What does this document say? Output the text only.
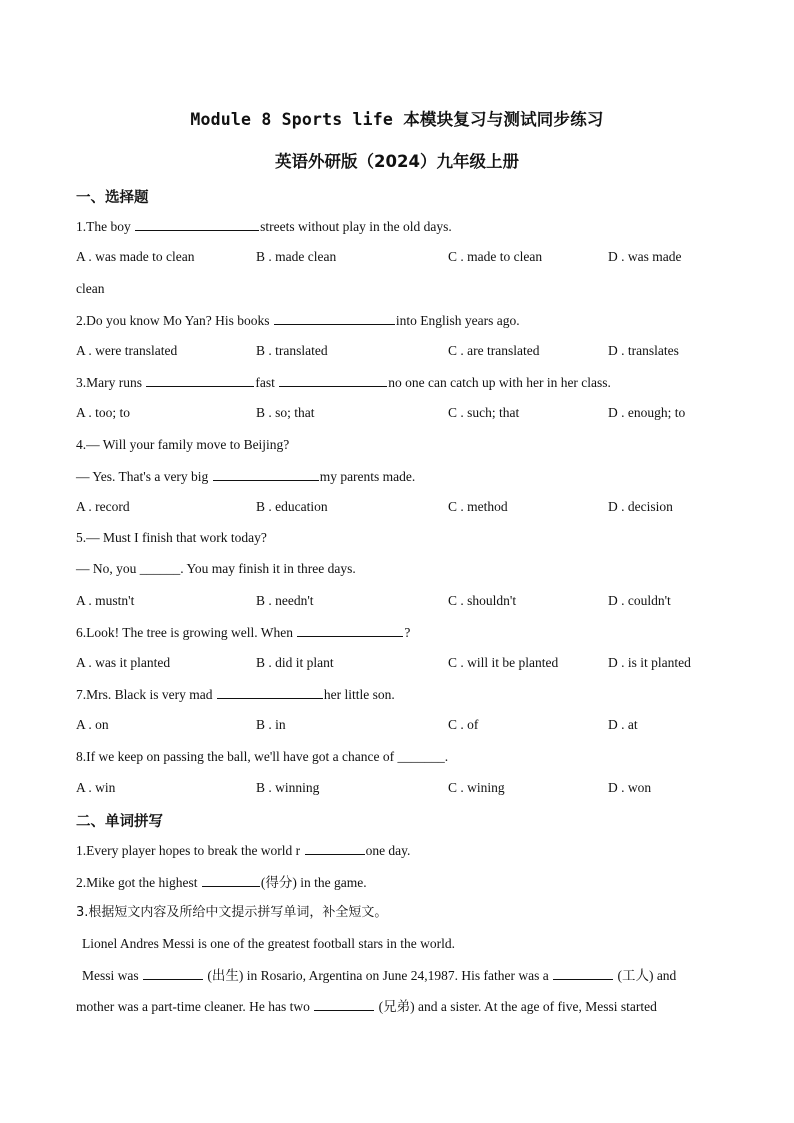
Module 8 Sports life 本模块复习与测试同步练习
英语外研版（2024）九年级上册
一、选择题
1.The boy	streets without play in the old days.
A . was made to clean	B . made clean	C . made to clean	D . was made
clean
2.Do you know Mo Yan? His books	into English years ago.
A . were translated	B . translated	C . are translated	D . translates
3.Mary runs	fast	no one can catch up with her in her class.
A . too; to	B . so; that	C . such; that	D . enough; to
4.— Will your family move to Beijing?
— Yes. That's a very big	my parents made.
A . record	B . education	C . method	D . decision
5.— Must I finish that work today?
— No, you ______. You may finish it in three days.
A . mustn't	B . needn't	C . shouldn't	D . couldn't
6.Look! The tree is growing well. When	?
A . was it planted	B . did it plant	C . will it be planted	D . is it planted
7.Mrs. Black is very mad	her little son.
A . on	B . in	C . of	D . at
8.If we keep on passing the ball, we'll have got a chance of _______.
A . win	B . winning	C . wining	D . won
二、单词拼写
1.Every player hopes to break the world r	one day.
2.Mike got the highest	(得分) in the game.
3.根据短文内容及所给中文提示拼写单词，补全短文。
Lionel Andres Messi is one of the greatest football stars in the world.
Messi was	(出生) in Rosario, Argentina on June 24,1987. His father was a	(工人) and
mother was a part-time cleaner. He has two	(兄弟) and a sister. At the age of five, Messi started
